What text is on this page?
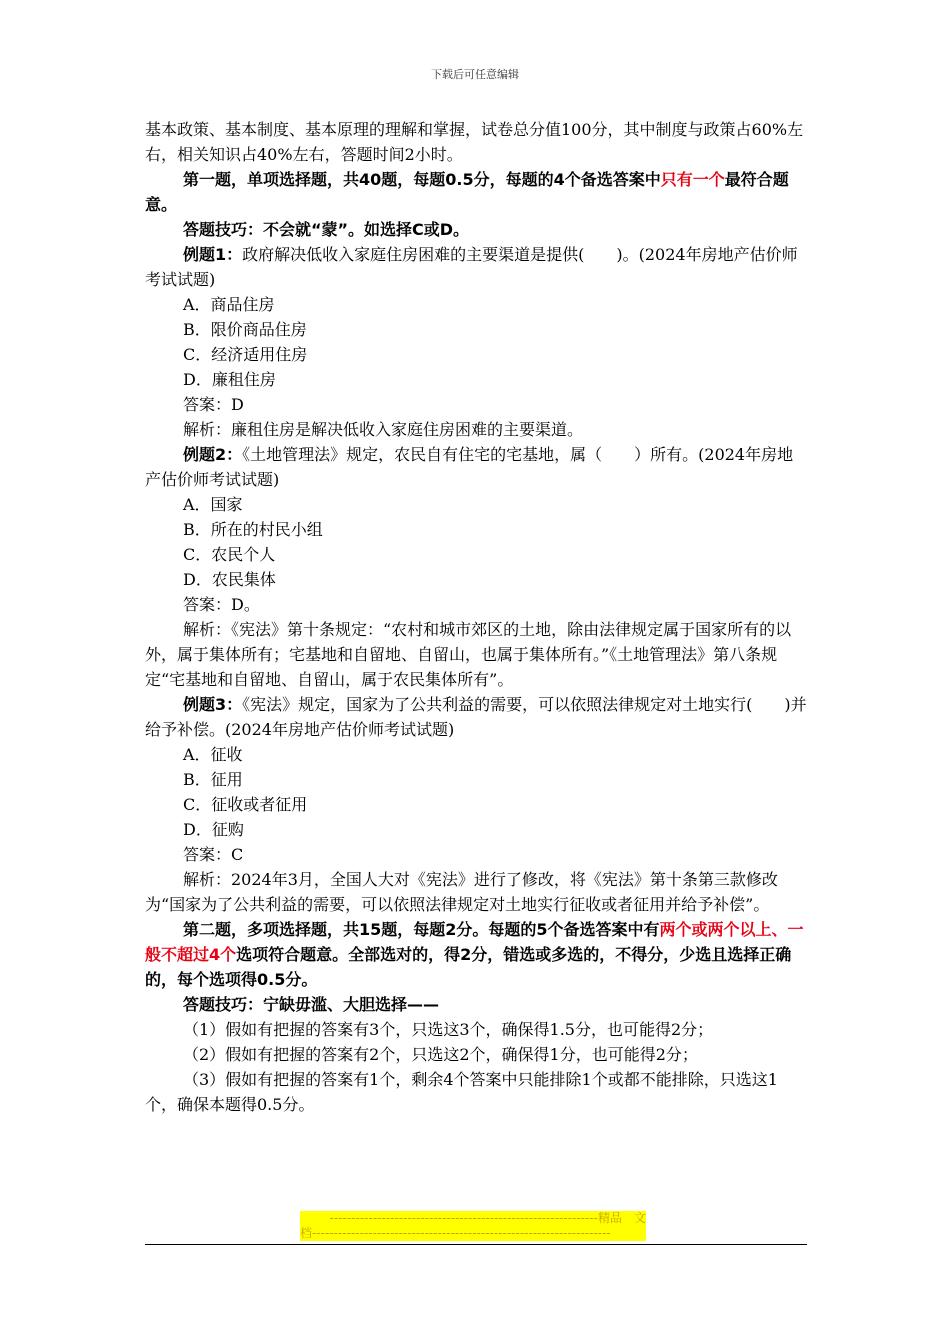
下载后可任意编辑

基本政策、基本制度、基本原理的理解和掌握，试卷总分值100分，其中制度与政策占60%左右，相关知识占40%左右，答题时间2小时。

第一题，单项选择题，共40题，每题0.5分，每题的4个备选答案中只有一个最符合题意。

答题技巧：不会就“蒙”。如选择C或D。

例题1：政府解决低收入家庭住房困难的主要渠道是提供(　　)。(2024年房地产估价师考试试题)

A．商品住房

B．限价商品住房

C．经济适用住房

D．廉租住房

答案：D

解析：廉租住房是解决低收入家庭住房困难的主要渠道。

例题2：《土地管理法》规定，农民自有住宅的宅基地，属（　　）所有。(2024年房地产估价师考试试题)

A．国家

B．所在的村民小组

C．农民个人

D．农民集体

答案：D。

解析：《宪法》第十条规定：“农村和城市郊区的土地，除由法律规定属于国家所有的以外，属于集体所有；宅基地和自留地、自留山，也属于集体所有。”《土地管理法》第八条规定“宅基地和自留地、自留山，属于农民集体所有”。

例题3：《宪法》规定，国家为了公共利益的需要，可以依照法律规定对土地实行(　　)并给予补偿。(2024年房地产估价师考试试题)

A．征收

B．征用

C．征收或者征用

D．征购

答案：C

解析：2024年3月，全国人大对《宪法》进行了修改，将《宪法》第十条第三款修改为“国家为了公共利益的需要，可以依照法律规定对土地实行征收或者征用并给予补偿”。

第二题，多项选择题，共15题，每题2分。每题的5个备选答案中有两个或两个以上、一般不超过4个选项符合题意。全部选对的，得2分，错选或多选的，不得分，少选且选择正确的，每个选项得0.5分。

答题技巧：宁缺毋滥、大胆选择——

（1）假如有把握的答案有3个，只选这3个，确保得1.5分，也可能得2分；

（2）假如有把握的答案有2个，只选这2个，确保得1分，也可能得2分；

（3）假如有把握的答案有1个，剩余4个答案中只能排除1个或都不能排除，只选这1个，确保本题得0.5分。

--------------------------------------------------------------精品　文
档---------------------------------------------------------------------
